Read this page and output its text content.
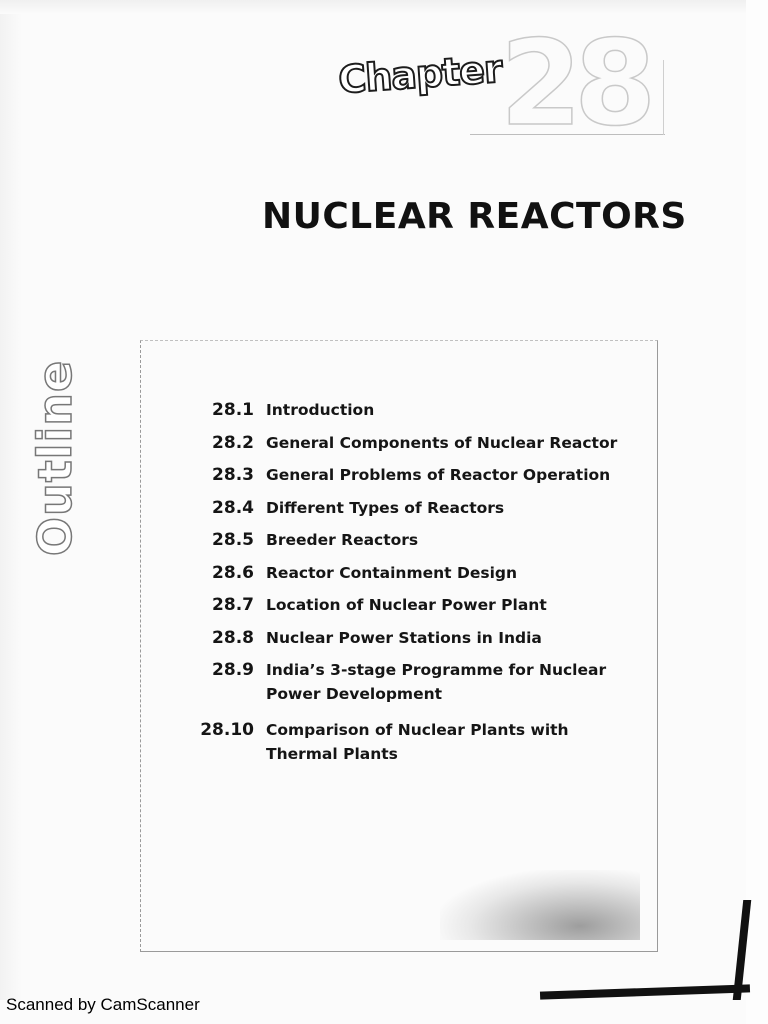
28
Chapter
NUCLEAR REACTORS
Outline	28.1 Introduction
28.2 General Components of Nuclear Reactor
28.3 General Problems of Reactor Operation
28.4 Different Types of Reactors
28.5 Breeder Reactors
28.6 Reactor Containment Design
28.7 Location of Nuclear Power Plant
28.8 Nuclear Power Stations in India
28.9 India’s 3-stage Programme for Nuclear Power Development
28.10 Comparison of Nuclear Plants with Thermal Plants
Scanned by CamScanner
